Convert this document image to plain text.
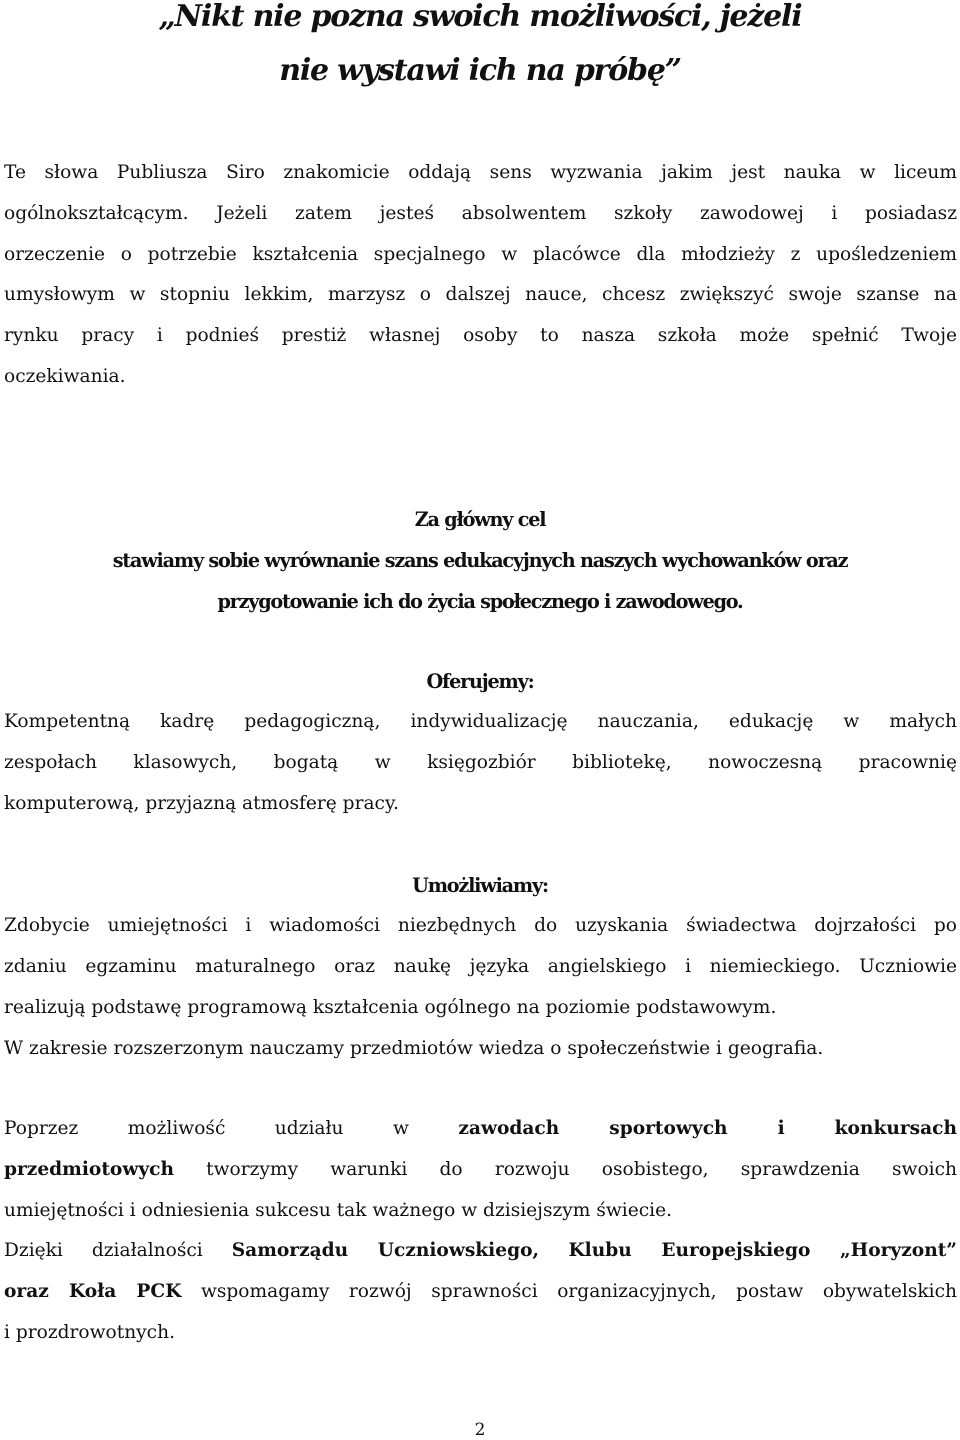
„Nikt nie pozna swoich możliwości, jeżeli
nie wystawi ich na próbę”
Te słowa Publiusza Siro znakomicie oddają sens wyzwania jakim jest nauka w liceum
ogólnokształcącym. Jeżeli zatem jesteś absolwentem szkoły zawodowej i posiadasz
orzeczenie o potrzebie kształcenia specjalnego w placówce dla młodzieży z upośledzeniem
umysłowym w stopniu lekkim, marzysz o dalszej nauce, chcesz zwiększyć swoje szanse na
rynku pracy i podnieś prestiż własnej osoby to nasza szkoła może spełnić Twoje
oczekiwania.
Za główny cel
stawiamy sobie wyrównanie szans edukacyjnych naszych wychowanków oraz
przygotowanie ich do życia społecznego i zawodowego.
Oferujemy:
Kompetentną kadrę pedagogiczną, indywidualizację nauczania, edukację w małych
zespołach klasowych, bogatą w księgozbiór bibliotekę, nowoczesną pracownię
komputerową, przyjazną atmosferę pracy.
Umożliwiamy:
Zdobycie umiejętności i wiadomości niezbędnych do uzyskania świadectwa dojrzałości po
zdaniu egzaminu maturalnego oraz naukę języka angielskiego i niemieckiego. Uczniowie
realizują podstawę programową kształcenia ogólnego na poziomie podstawowym.
W zakresie rozszerzonym nauczamy przedmiotów wiedza o społeczeństwie i geografia.
Poprzez możliwość udziału w zawodach sportowych i konkursach
przedmiotowych tworzymy warunki do rozwoju osobistego, sprawdzenia swoich
umiejętności i odniesienia sukcesu tak ważnego w dzisiejszym świecie.
Dzięki działalności Samorządu Uczniowskiego, Klubu Europejskiego „Horyzont”
oraz Koła PCK wspomagamy rozwój sprawności organizacyjnych, postaw obywatelskich
i prozdrowotnych.
2
